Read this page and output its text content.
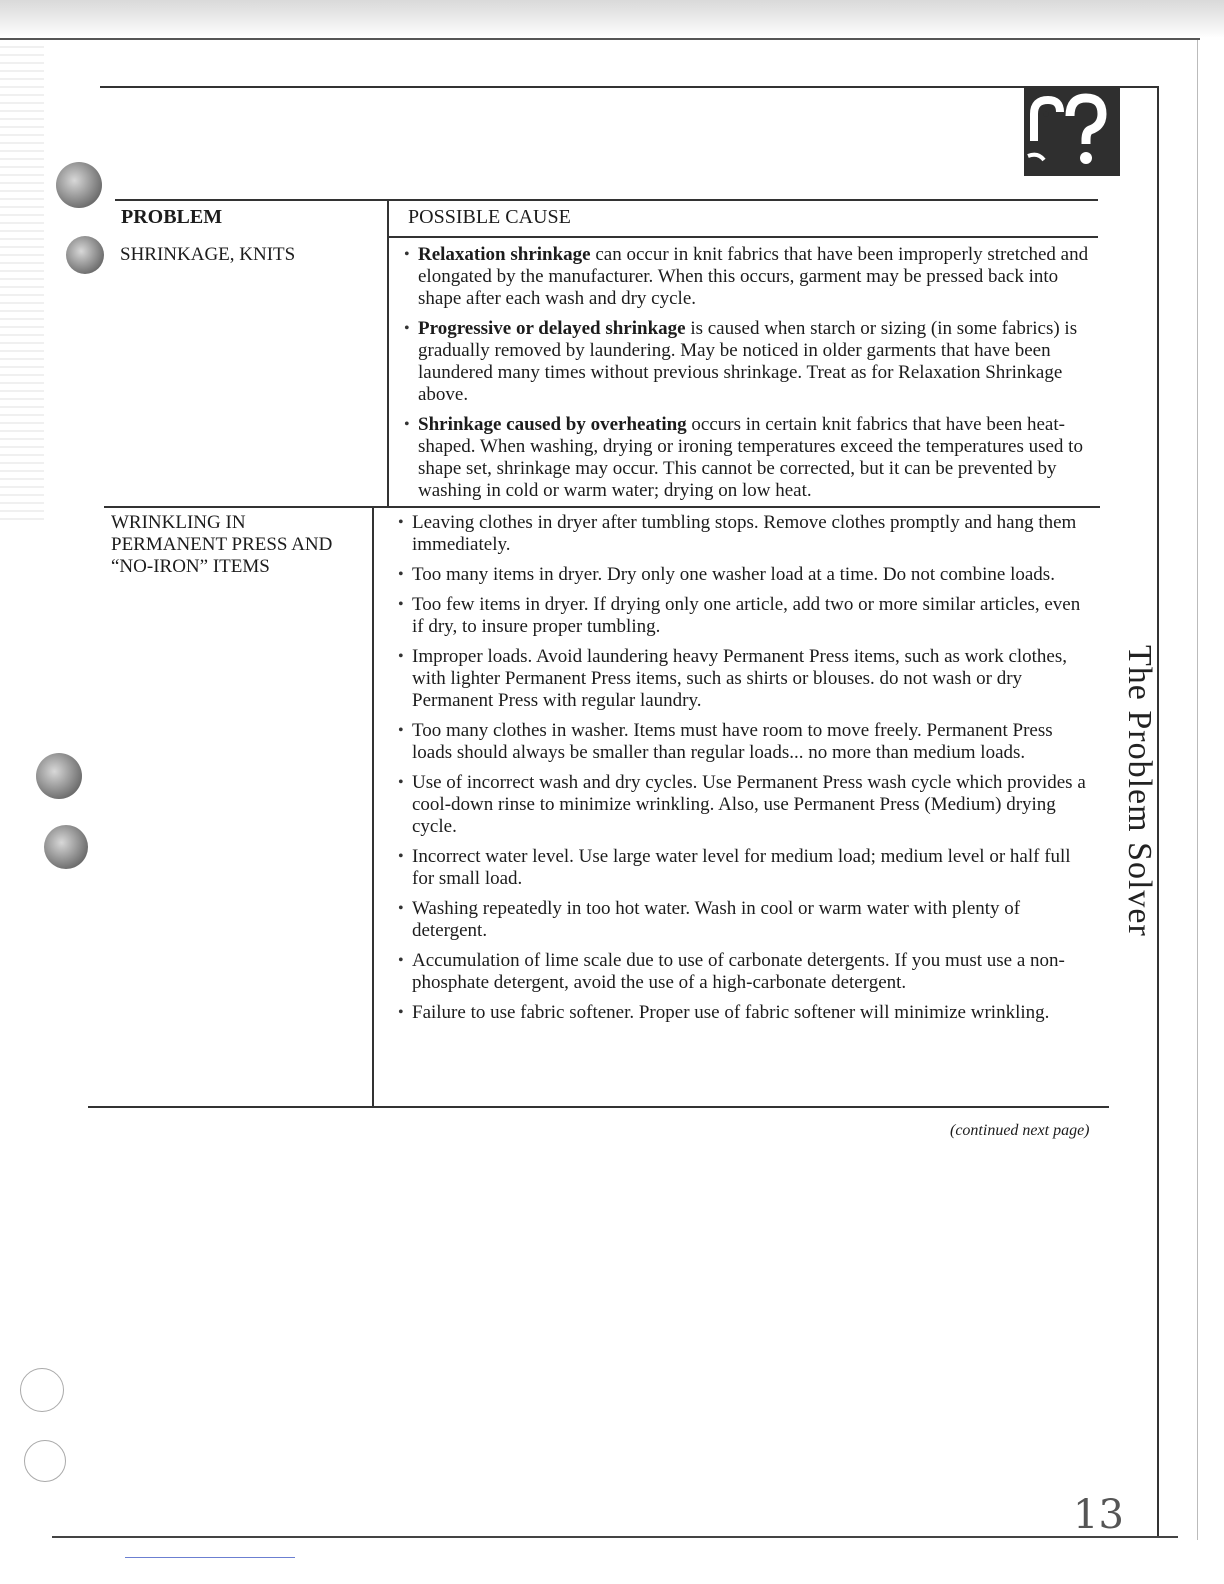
The Problem Solver
PROBLEM	POSSIBLE CAUSE
SHRINKAGE, KNITS
•	Relaxation shrinkage can occur in knit fabrics that have been improperly stretched and elongated by the manufacturer. When this occurs, garment may be pressed back into shape after each wash and dry cycle.
• Progressive or delayed shrinkage is caused when starch or sizing (in some fabrics) is gradually removed by laundering. May be noticed in older garments that have been laundered many times without previous shrinkage. Treat as for Relaxation Shrinkage above.
• Shrinkage caused by overheating occurs in certain knit fabrics that have been heat-shaped. When washing, drying or ironing temperatures exceed the temperatures used to shape set, shrinkage may occur. This cannot be corrected, but it can be prevented by washing in cold or warm water; drying on low heat.
WRINKLING IN PERMANENT PRESS AND “NO-IRON” ITEMS
• Leaving clothes in dryer after tumbling stops. Remove clothes promptly and hang them immediately.
• Too many items in dryer. Dry only one washer load at a time. Do not combine loads.
• Too few items in dryer. If drying only one article, add two or more similar articles, even if dry, to insure proper tumbling.
• Improper loads. Avoid laundering heavy Permanent Press items, such as work clothes, with lighter Permanent Press items, such as shirts or blouses. do not wash or dry Permanent Press with regular laundry.
• Too many clothes in washer. Items must have room to move freely. Permanent Press loads should always be smaller than regular loads... no more than medium loads.
• Use of incorrect wash and dry cycles. Use Permanent Press wash cycle which provides a cool-down rinse to minimize wrinkling. Also, use Permanent Press (Medium) drying cycle.
• Incorrect water level. Use large water level for medium load; medium level or half full for small load.
• Washing repeatedly in too hot water. Wash in cool or warm water with plenty of detergent.
• Accumulation of lime scale due to use of carbonate detergents. If you must use a non-phosphate detergent, avoid the use of a high-carbonate detergent.
• Failure to use fabric softener. Proper use of fabric softener will minimize wrinkling.
(continued next page)
13
